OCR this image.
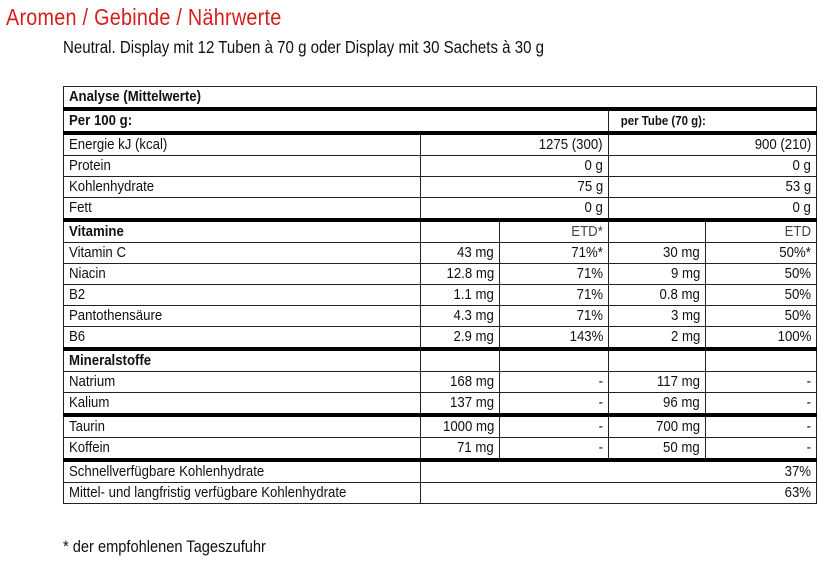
Aromen / Gebinde / Nährwerte
Neutral. Display mit 12 Tuben à 70 g oder Display mit 30 Sachets à 30 g
Analyse (Mittelwerte)				
Per 100 g:			per Tube (70 g):	
Energie kJ (kcal)	1275 (300)		900 (210)	
Protein	0 g		0 g	
Kohlenhydrate	75 g		53 g	
Fett	0 g		0 g	
Vitamine		ETD*		ETD
Vitamin C	43 mg	71%*	30 mg	50%*
Niacin	12.8 mg	71%	9 mg	50%
B2	1.1 mg	71%	0.8 mg	50%
Pantothensäure	4.3 mg	71%	3 mg	50%
B6	2.9 mg	143%	2 mg	100%
Mineralstoffe				
Natrium	168 mg	-	117 mg	-
Kalium	137 mg	-	96 mg	-
Taurin	1000 mg	-	700 mg	-
Koffein	71 mg	-	50 mg	-
Schnellverfügbare Kohlenhydrate	37%			
Mittel- und langfristig verfügbare Kohlenhydrate	63%			
* der empfohlenen Tageszufuhr
